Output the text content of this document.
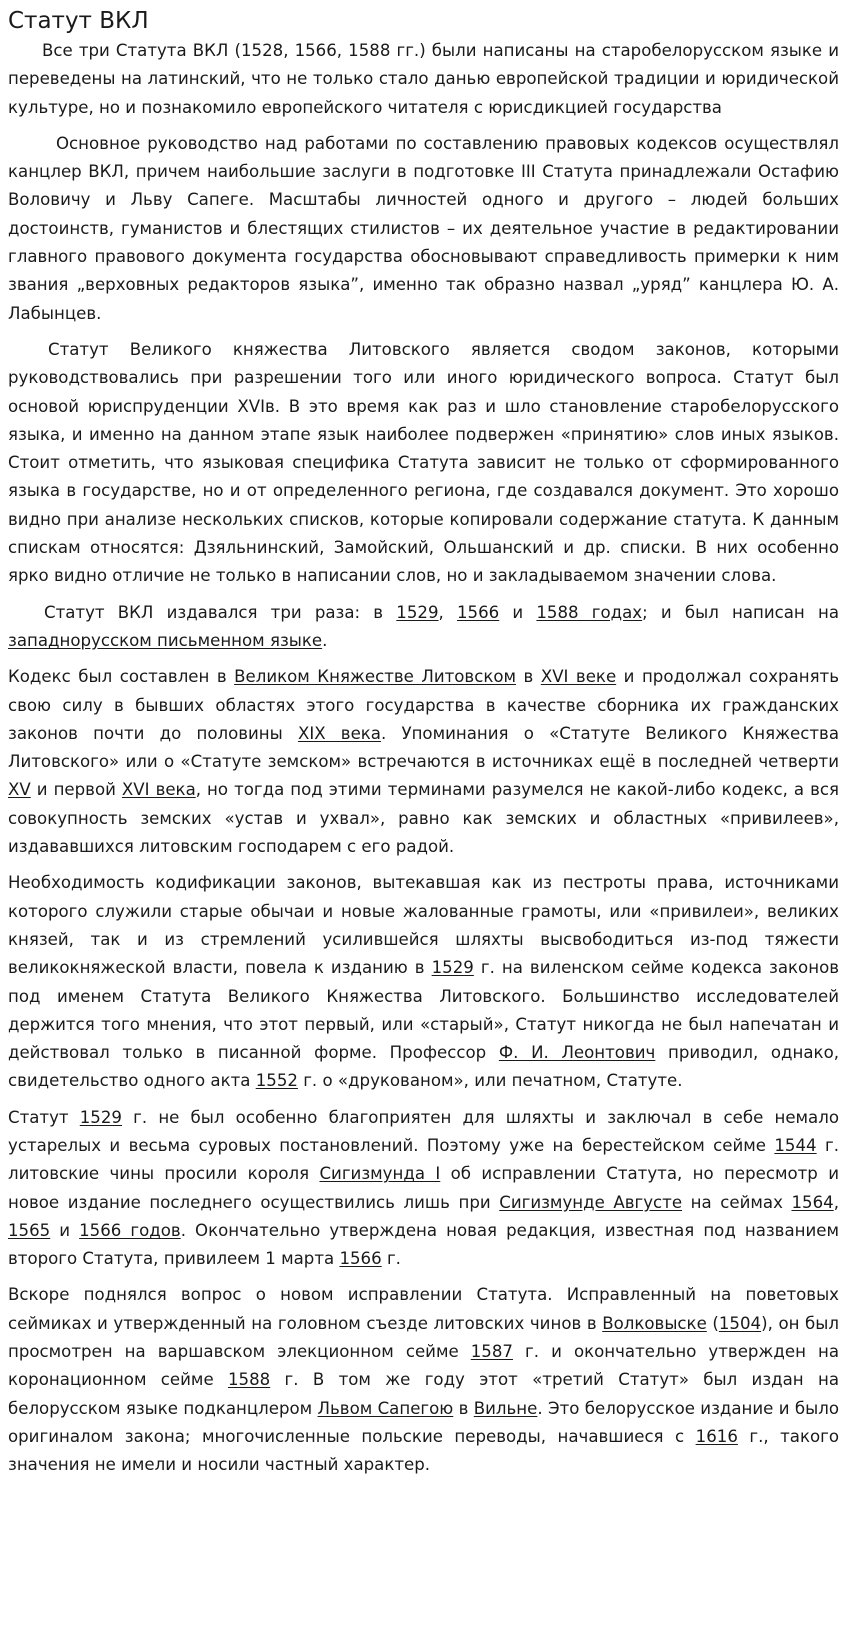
Статут ВКЛ

Все три Статута ВКЛ (1528, 1566, 1588 гг.) были написаны на старобелорусском языке и переведены на латинский, что не только стало данью европейской традиции и юридической культуре, но и познакомило европейского читателя с юрисдикцией государства

Основное руководство над работами по составлению правовых кодексов осуществлял канцлер ВКЛ, причем наибольшие заслуги в подготовке III Статута принадлежали Остафию Воловичу и Льву Сапеге. Масштабы личностей одного и другого – людей больших достоинств, гуманистов и блестящих стилистов – их деятельное участие в редактировании главного правового документа государства обосновывают справедливость примерки к ним звания „верховных редакторов языка”, именно так образно назвал „уряд” канцлера Ю. А. Лабынцев.

Статут Великого княжества Литовского является сводом законов, которыми руководствовались при разрешении того или иного юридического вопроса. Статут был основой юриспруденции XVIв. В это время как раз и шло становление старобелорусского языка, и именно на данном этапе язык наиболее подвержен «принятию» слов иных языков. Стоит отметить, что языковая специфика Статута зависит не только от сформированного языка в государстве, но и от определенного региона, где создавался документ. Это хорошо видно при анализе нескольких списков, которые копировали содержание статута. К данным спискам относятся: Дзяльнинский, Замойский, Ольшанский и др. списки. В них особенно ярко видно отличие не только в написании слов, но и закладываемом значении слова.

Статут ВКЛ издавался три раза: в 1529, 1566 и 1588 годах; и был написан на западнорусском письменном языке.

Кодекс был составлен в Великом Княжестве Литовском в XVI веке и продолжал сохранять свою силу в бывших областях этого государства в качестве сборника их гражданских законов почти до половины XIX века. Упоминания о «Статуте Великого Княжества Литовского» или о «Статуте земском» встречаются в источниках ещё в последней четверти XV и первой XVI века, но тогда под этими терминами разумелся не какой-либо кодекс, а вся совокупность земских «устав и ухвал», равно как земских и областных «привилеев», издававшихся литовским господарем с его радой.

Необходимость кодификации законов, вытекавшая как из пестроты права, источниками которого служили старые обычаи и новые жалованные грамоты, или «привилеи», великих князей, так и из стремлений усилившейся шляхты высвободиться из-под тяжести великокняжеской власти, повела к изданию в 1529 г. на виленском сейме кодекса законов под именем Статута Великого Княжества Литовского. Большинство исследователей держится того мнения, что этот первый, или «старый», Статут никогда не был напечатан и действовал только в писанной форме. Профессор Ф. И. Леонтович приводил, однако, свидетельство одного акта 1552 г. о «друкованом», или печатном, Статуте.

Статут 1529 г. не был особенно благоприятен для шляхты и заключал в себе немало устарелых и весьма суровых постановлений. Поэтому уже на берестейском сейме 1544 г. литовские чины просили короля Сигизмунда I об исправлении Статута, но пересмотр и новое издание последнего осуществились лишь при Сигизмунде Августе на сеймах 1564, 1565 и 1566 годов. Окончательно утверждена новая редакция, известная под названием второго Статута, привилеем 1 марта 1566 г.

Вскоре поднялся вопрос о новом исправлении Статута. Исправленный на поветовых сеймиках и утвержденный на головном съезде литовских чинов в Волковыске (1504), он был просмотрен на варшавском элекционном сейме 1587 г. и окончательно утвержден на коронационном сейме 1588 г. В том же году этот «третий Статут» был издан на белорусском языке подканцлером Львом Сапегою в Вильне. Это белорусское издание и было оригиналом закона; многочисленные польские переводы, начавшиеся с 1616 г., такого значения не имели и носили частный характер.
